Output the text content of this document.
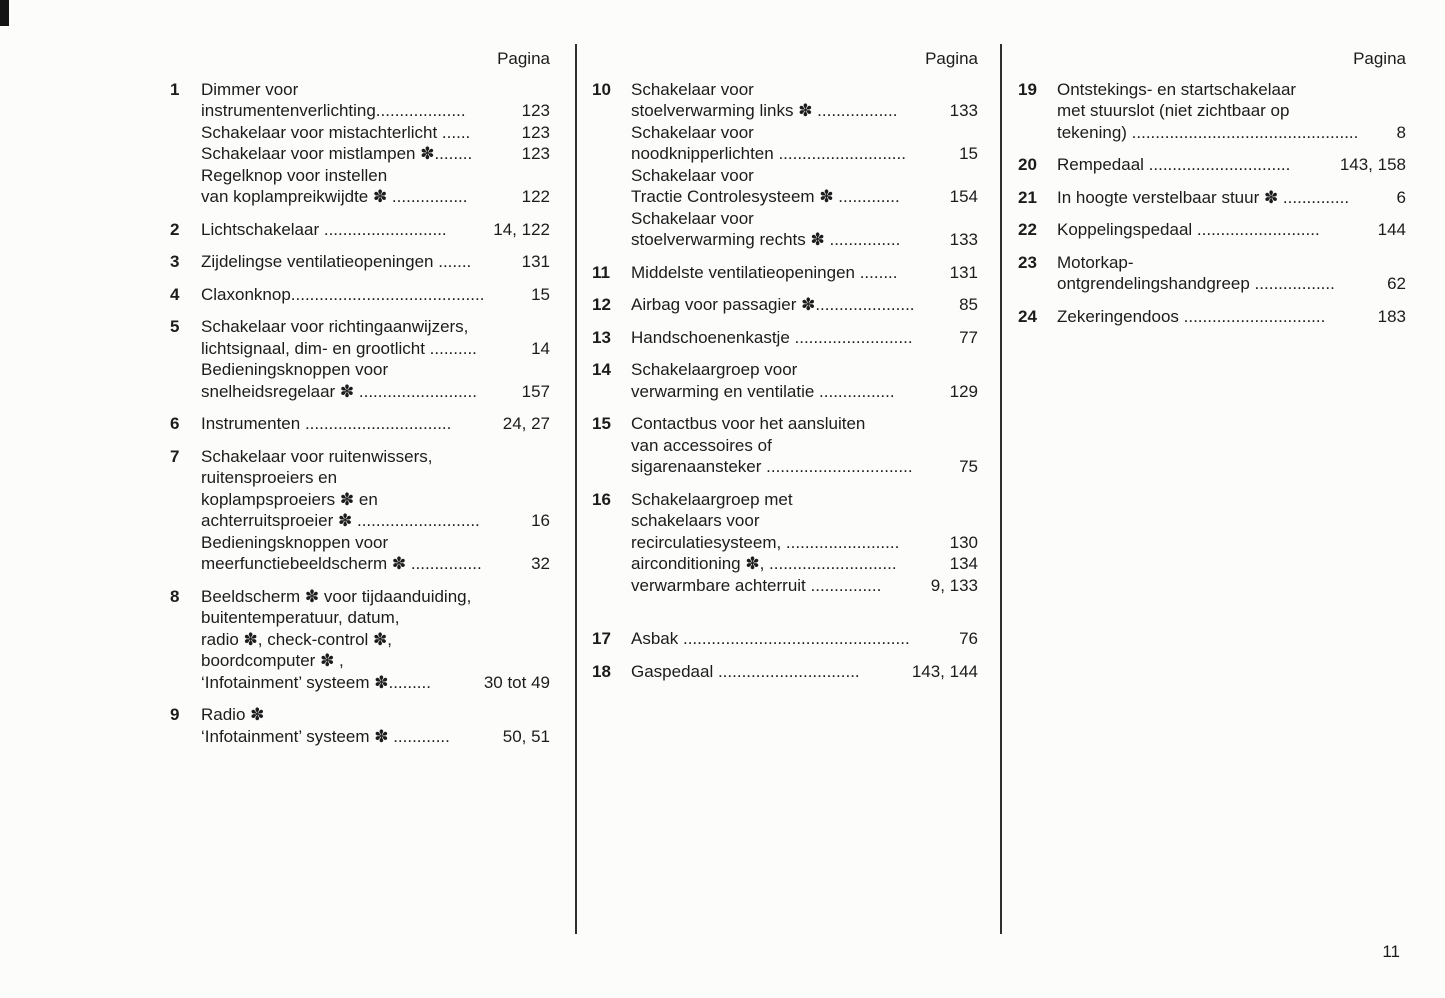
Pagina
1	Dimmer voor
instrumentenverlichting...................	123
Schakelaar voor mistachterlicht ......	123
Schakelaar voor mistlampen ✽........	123
Regelknop voor instellen
van koplampreikwijdte ✽ ................	122
2	Lichtschakelaar ..........................	14, 122
3	Zijdelingse ventilatieopeningen .......	131
4	Claxonknop.........................................	15
5	Schakelaar voor richtingaanwijzers,
lichtsignaal, dim- en grootlicht ..........	14
Bedieningsknoppen voor
snelheidsregelaar ✽ .........................	157
6	Instrumenten ...............................	24, 27
7	Schakelaar voor ruitenwissers,
ruitensproeiers en
koplampsproeiers ✽ en
achterruitsproeier ✽ ..........................	16
Bedieningsknoppen voor
meerfunctiebeeldscherm ✽ ...............	32
8	Beeldscherm ✽ voor tijdaanduiding,
buitentemperatuur, datum,
radio ✽, check-control ✽,
boordcomputer ✽ ,
‘Infotainment’ systeem ✽.........	30 tot 49
9	Radio ✽
‘Infotainment’ systeem ✽ ............	50, 51
Pagina
10	Schakelaar voor
stoelverwarming links ✽ .................	133
Schakelaar voor
noodknipperlichten ...........................	15
Schakelaar voor
Tractie Controlesysteem ✽ .............	154
Schakelaar voor
stoelverwarming rechts ✽ ...............	133
11	Middelste ventilatieopeningen ........	131
12	Airbag voor passagier ✽.....................	85
13	Handschoenenkastje .........................	77
14	Schakelaargroep voor
verwarming en ventilatie ................	129
15	Contactbus voor het aansluiten
van accessoires of
sigarenaansteker ...............................	75
16	Schakelaargroep met
schakelaars voor
recirculatiesysteem, ........................	130
airconditioning ✽, ...........................	134
verwarmbare achterruit ...............	9, 133
17	Asbak ................................................	76
18	Gaspedaal ..............................	143, 144
Pagina
19	Ontstekings- en startschakelaar
met stuurslot (niet zichtbaar op
tekening) ................................................ 8
20	Rempedaal ..............................	143, 158
21	In hoogte verstelbaar stuur ✽ ..............	6
22	Koppelingspedaal ..........................	144
23	Motorkap-
ontgrendelingshandgreep .................	62
24	Zekeringendoos ..............................	183
11
